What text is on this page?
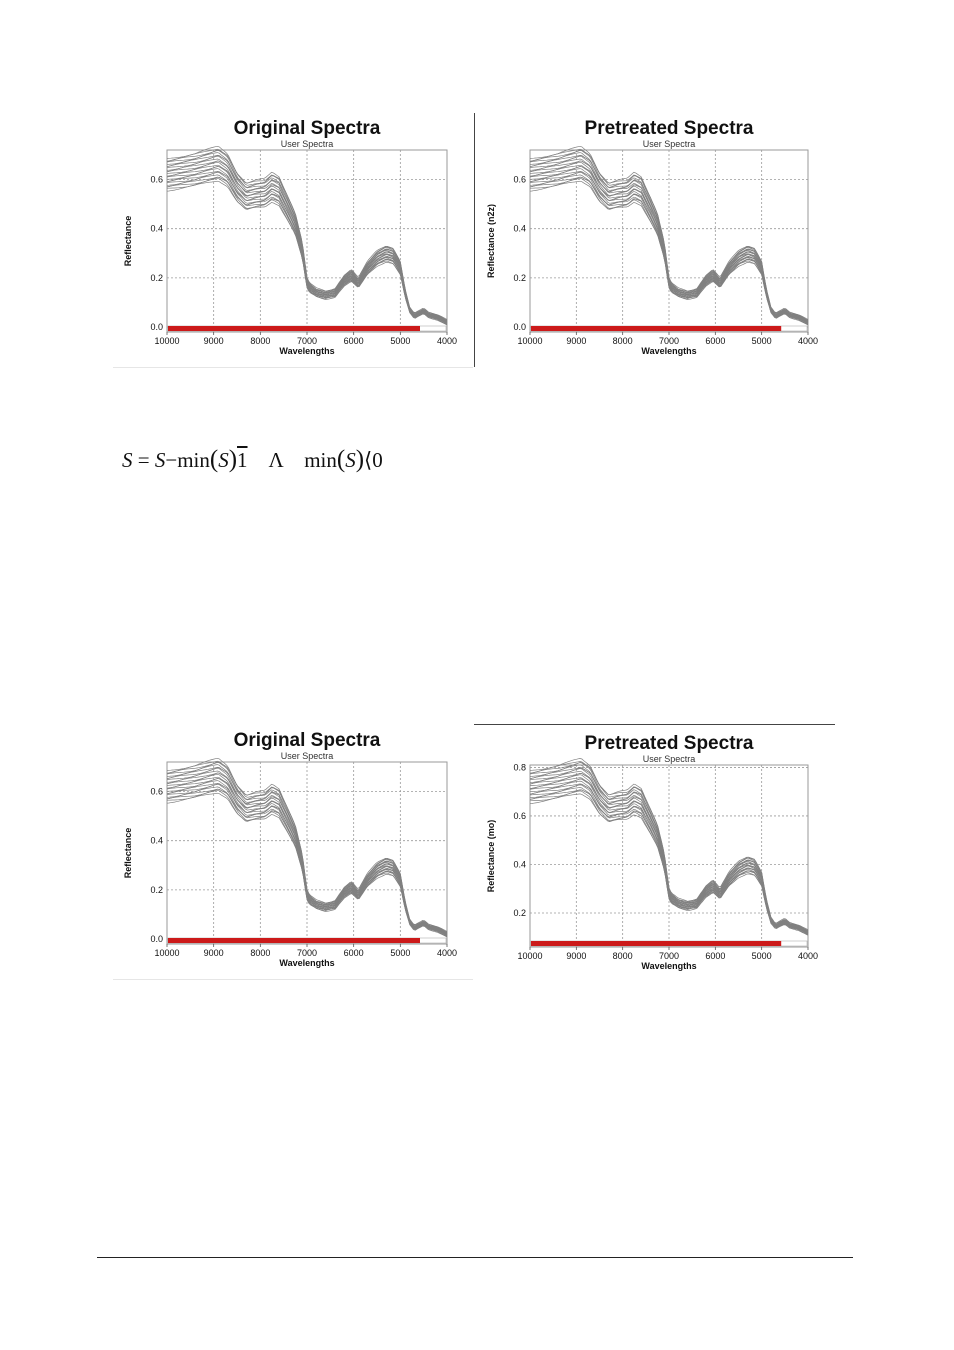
Original Spectra
User Spectra
10000	9000	8000	7000	6000	5000	4000
0.0
0.2
0.4
0.6
Wavelengths
Reflectance
Pretreated Spectra
User Spectra
10000	9000	8000	7000	6000	5000	4000
0.0
0.2
0.4
0.6
Wavelengths
Reflectance (n2z)
S = S−min(S)1 Λ min(S)⟨0
Original Spectra
User Spectra
10000	9000	8000	7000	6000	5000	4000
0.0
0.2
0.4
0.6
Wavelengths
Reflectance
Pretreated Spectra
User Spectra
10000	9000	8000	7000	6000	5000	4000
0.2
0.4
0.6
0.8
Wavelengths
Reflectance (mo)
